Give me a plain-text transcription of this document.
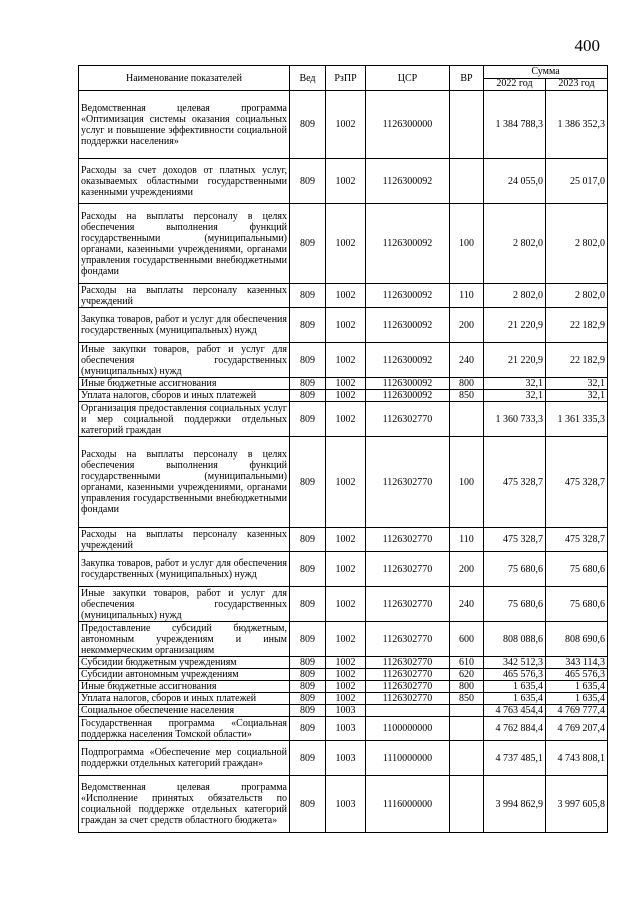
400
Наименование показателей	Вед	РзПР	ЦСР	ВР	Сумма	
					2022 год	2023 год
Ведомственная целевая программа «Оптимизация системы оказания социальных услуг и повышение эффективности социальной поддержки населения»	809	1002	1126300000		1 384 788,3	1 386 352,3
Расходы за счет доходов от платных услуг, оказываемых областными государственными казенными учреждениями	809	1002	1126300092		24 055,0	25 017,0
Расходы на выплаты персоналу в целях обеспечения выполнения функций государственными (муниципальными) органами, казенными учреждениями, органами управления государственными внебюджетными фондами	809	1002	1126300092	100	2 802,0	2 802,0
Расходы на выплаты персоналу казенных учреждений	809	1002	1126300092	110	2 802,0	2 802,0
Закупка товаров, работ и услуг для обеспечения государственных (муниципальных) нужд	809	1002	1126300092	200	21 220,9	22 182,9
Иные закупки товаров, работ и услуг для обеспечения государственных (муниципальных) нужд	809	1002	1126300092	240	21 220,9	22 182,9
Иные бюджетные ассигнования	809	1002	1126300092	800	32,1	32,1
Уплата налогов, сборов и иных платежей	809	1002	1126300092	850	32,1	32,1
Организация предоставления социальных услуг и мер социальной поддержки отдельных категорий граждан	809	1002	1126302770		1 360 733,3	1 361 335,3
Расходы на выплаты персоналу в целях обеспечения выполнения функций государственными (муниципальными) органами, казенными учреждениями, органами управления государственными внебюджетными фондами	809	1002	1126302770	100	475 328,7	475 328,7
Расходы на выплаты персоналу казенных учреждений	809	1002	1126302770	110	475 328,7	475 328,7
Закупка товаров, работ и услуг для обеспечения государственных (муниципальных) нужд	809	1002	1126302770	200	75 680,6	75 680,6
Иные закупки товаров, работ и услуг для обеспечения государственных (муниципальных) нужд	809	1002	1126302770	240	75 680,6	75 680,6
Предоставление субсидий бюджетным, автономным учреждениям и иным некоммерческим организациям	809	1002	1126302770	600	808 088,6	808 690,6
Субсидии бюджетным учреждениям	809	1002	1126302770	610	342 512,3	343 114,3
Субсидии автономным учреждениям	809	1002	1126302770	620	465 576,3	465 576,3
Иные бюджетные ассигнования	809	1002	1126302770	800	1 635,4	1 635,4
Уплата налогов, сборов и иных платежей	809	1002	1126302770	850	1 635,4	1 635,4
Социальное обеспечение населения	809	1003			4 763 454,4	4 769 777,4
Государственная программа «Социальная поддержка населения Томской области»	809	1003	1100000000		4 762 884,4	4 769 207,4
Подпрограмма «Обеспечение мер социальной поддержки отдельных категорий граждан»	809	1003	1110000000		4 737 485,1	4 743 808,1
Ведомственная целевая программа «Исполнение принятых обязательств по социальной поддержке отдельных категорий граждан за счет средств областного бюджета»	809	1003	1116000000		3 994 862,9	3 997 605,8
